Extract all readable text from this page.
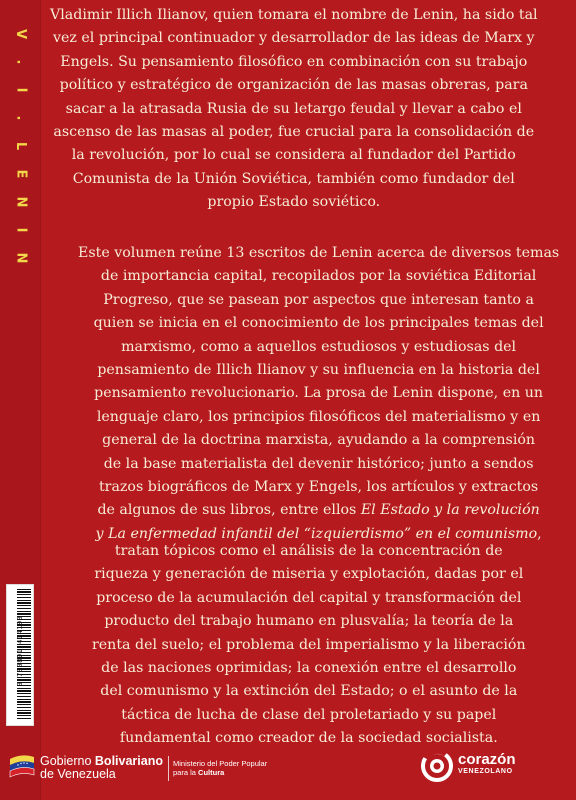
V
.
I
.
L
E
N
I
N

Vladimir Illich Ilianov, quien tomara el nombre de Lenin, ha sido tal

vez el principal continuador y desarrollador de las ideas de Marx y

Engels. Su pensamiento filosófico en combinación con su trabajo

político y estratégico de organización de las masas obreras, para

sacar a la atrasada Rusia de su letargo feudal y llevar a cabo el

ascenso de las masas al poder, fue crucial para la consolidación de

la revolución, por lo cual se considera al fundador del Partido

Comunista de la Unión Soviética, también como fundador del

propio Estado soviético.

Este volumen reúne 13 escritos de Lenin acerca de diversos temas

de importancia capital, recopilados por la soviética Editorial

Progreso, que se pasean por aspectos que interesan tanto a

quien se inicia en el conocimiento de los principales temas del

marxismo, como a aquellos estudiosos y estudiosas del

pensamiento de Illich Ilianov y su influencia en la historia del

pensamiento revolucionario. La prosa de Lenin dispone, en un

lenguaje claro, los principios filosóficos del materialismo y en

general de la doctrina marxista, ayudando a la comprensión

de la base materialista del devenir histórico; junto a sendos

trazos biográficos de Marx y Engels, los artículos y extractos

de algunos de sus libros, entre ellos El Estado y la revolución

y La enfermedad infantil del “izquierdismo” en el comunismo,

tratan tópicos como el análisis de la concentración de

riqueza y generación de miseria y explotación, dadas por el

proceso de la acumulación del capital y transformación del

producto del trabajo humano en plusvalía; la teoría de la

renta del suelo; el problema del imperialismo y la liberación

de las naciones oprimidas; la conexión entre el desarrollo

del comunismo y la extinción del Estado; o el asunto de la

táctica de lucha de clase del proletariado y su papel

fundamental como creador de la sociedad socialista.

9 789801 414193
Gobierno Bolivariano
de Venezuela
Ministerio del Poder Popular
para la Cultura
corazón
VENEZOLANO
